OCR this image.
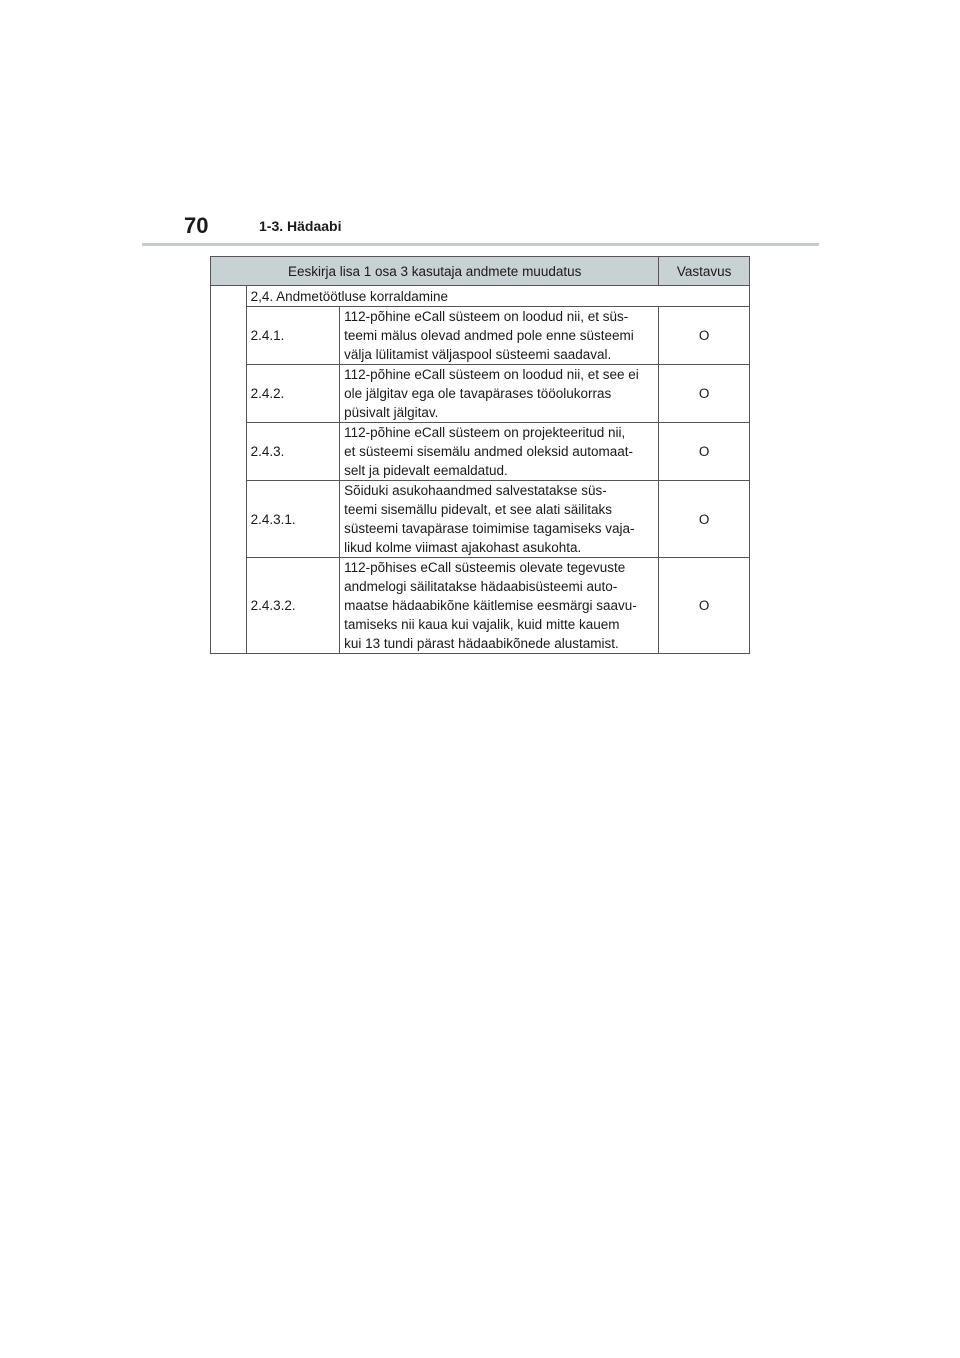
70	1-3. Hädaabi
Eeskirja lisa 1 osa 3 kasutaja andmete muudatus			Vastavus
	2,4. Andmetöötluse korraldamine		
	2.4.1.	112-põhine eCall süsteem on loodud nii, et süs-
teemi mälus olevad andmed pole enne süsteemi
välja lülitamist väljaspool süsteemi saadaval.	O
	2.4.2.	112-põhine eCall süsteem on loodud nii, et see ei
ole jälgitav ega ole tavapärases tööolukorras
püsivalt jälgitav.	O
	2.4.3.	112-põhine eCall süsteem on projekteeritud nii,
et süsteemi sisemälu andmed oleksid automaat-
selt ja pidevalt eemaldatud.	O
	2.4.3.1.	Sõiduki asukohaandmed salvestatakse süs-
teemi sisemällu pidevalt, et see alati säilitaks
süsteemi tavapärase toimimise tagamiseks vaja-
likud kolme viimast ajakohast asukohta.	O
	2.4.3.2.	112-põhises eCall süsteemis olevate tegevuste
andmelogi säilitatakse hädaabisüsteemi auto-
maatse hädaabikõne käitlemise eesmärgi saavu-
tamiseks nii kaua kui vajalik, kuid mitte kauem
kui 13 tundi pärast hädaabikõnede alustamist.	O
